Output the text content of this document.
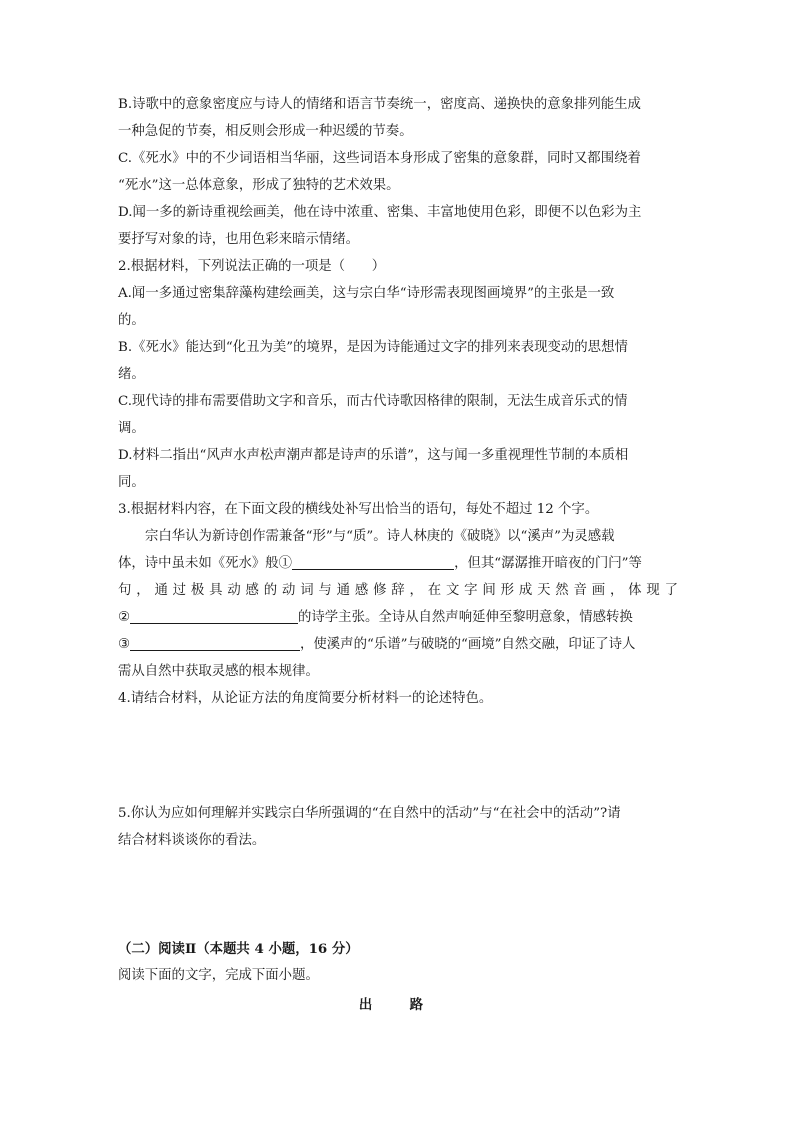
B.诗歌中的意象密度应与诗人的情绪和语言节奏统一，密度高、递换快的意象排列能生成
一种急促的节奏，相反则会形成一种迟缓的节奏。
C.《死水》中的不少词语相当华丽，这些词语本身形成了密集的意象群，同时又都围绕着
“死水”这一总体意象，形成了独特的艺术效果。
D.闻一多的新诗重视绘画美，他在诗中浓重、密集、丰富地使用色彩，即便不以色彩为主
要抒写对象的诗，也用色彩来暗示情绪。
2.根据材料，下列说法正确的一项是（　　）
A.闻一多通过密集辞藻构建绘画美，这与宗白华“诗形需表现图画境界”的主张是一致
的。
B.《死水》能达到“化丑为美”的境界，是因为诗能通过文字的排列来表现变动的思想情
绪。
C.现代诗的排布需要借助文字和音乐，而古代诗歌因格律的限制，无法生成音乐式的情
调。
D.材料二指出“风声水声松声潮声都是诗声的乐谱”，这与闻一多重视理性节制的本质相
同。
3.根据材料内容，在下面文段的横线处补写出恰当的语句，每处不超过 12 个字。
宗白华认为新诗创作需兼备“形”与“质”。诗人林庚的《破晓》以“溪声”为灵感载
体，诗中虽未如《死水》般①	，但其“潺潺推开暗夜的门闩”等
句，通过极具动感的动词与通感修辞，在文字间形成天然音画，体现了
②	的诗学主张。全诗从自然声响延伸至黎明意象，情感转换
③	，使溪声的“乐谱”与破晓的“画境”自然交融，印证了诗人
需从自然中获取灵感的根本规律。
4.请结合材料，从论证方法的角度简要分析材料一的论述特色。
5.你认为应如何理解并实践宗白华所强调的“在自然中的活动”与“在社会中的活动”?请
结合材料谈谈你的看法。
（二）阅读Ⅱ（本题共 4 小题，16 分）
阅读下面的文字，完成下面小题。
出　路
